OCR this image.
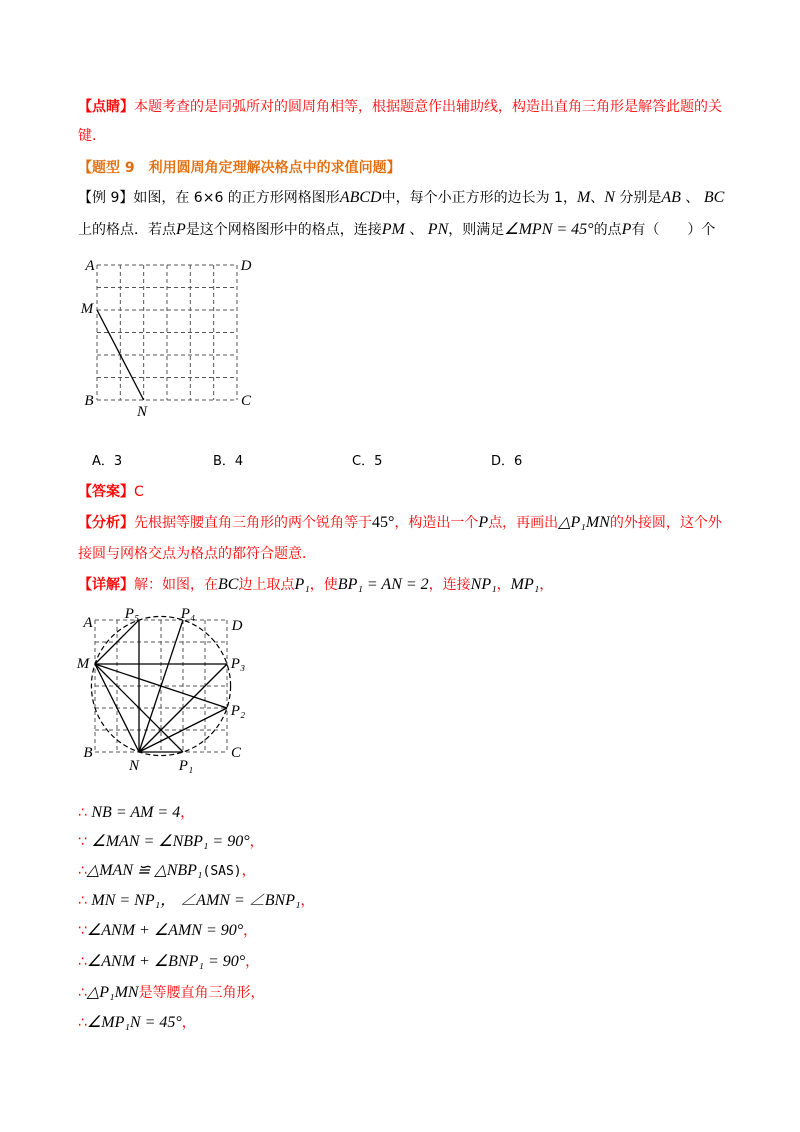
【点睛】本题考查的是同弧所对的圆周角相等，根据题意作出辅助线，构造出直角三角形是解答此题的关键．
【题型 9　利用圆周角定理解决格点中的求值问题】
【例 9】如图，在 6×6 的正方形网格图形ABCD中，每个小正方形的边长为 1，M、N 分别是AB 、 BC上的格点．若点P是这个网格图形中的格点，连接PM 、 PN，则满足∠MPN = 45°的点P有（　　）个
A	D
M
B	C
N
A．3	B．4	C．5	D．6
【答案】C
【分析】先根据等腰直角三角形的两个锐角等于45°，构造出一个P点，再画出△P₁MN的外接圆，这个外接圆与网格交点为格点的都符合题意．
【详解】解：如图，在BC边上取点P₁，使BP₁ = AN = 2，连接NP₁，MP₁，
A
P₅	P₄
D
M	P₃
P₂
B
N	P₁
C
∴ NB = AM = 4，
∵ ∠MAN = ∠NBP₁ = 90°，
∴△MAN ≌ △NBP₁(SAS)，
∴ MN = NP₁， ∠AMN = ∠BNP₁，
∵∠ANM + ∠AMN = 90°，
∴∠ANM + ∠BNP₁ = 90°，
∴△P₁MN是等腰直角三角形，
∴∠MP₁N = 45°，
